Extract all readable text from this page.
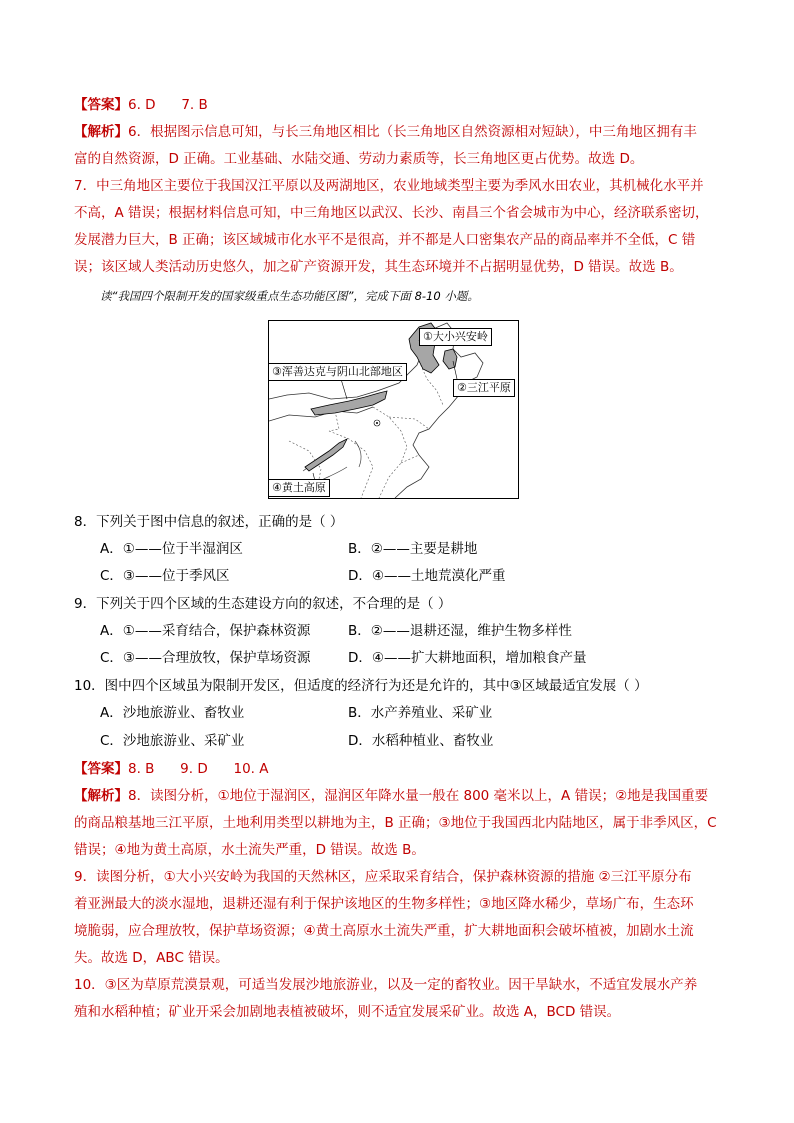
【答案】6. D      7. B
【解析】6．根据图示信息可知，与长三角地区相比（长三角地区自然资源相对短缺），中三角地区拥有丰
富的自然资源，D 正确。工业基础、水陆交通、劳动力素质等，长三角地区更占优势。故选 D。
7．中三角地区主要位于我国汉江平原以及两湖地区，农业地域类型主要为季风水田农业，其机械化水平并
不高，A 错误；根据材料信息可知，中三角地区以武汉、长沙、南昌三个省会城市为中心，经济联系密切，
发展潜力巨大，B 正确；该区域城市化水平不是很高，并不都是人口密集农产品的商品率并不全低，C 错
误；该区域人类活动历史悠久，加之矿产资源开发，其生态环境并不占据明显优势，D 错误。故选 B。
读“我国四个限制开发的国家级重点生态功能区图”，完成下面 8-10 小题。
①大小兴安岭
②三江平原
③浑善达克与阴山北部地区
④黄土高原
8．下列关于图中信息的叙述，正确的是（ ）
A．①——位于半湿润区	B．②——主要是耕地
C．③——位于季风区	D．④——土地荒漠化严重
9．下列关于四个区域的生态建设方向的叙述，不合理的是（ ）
A．①——采育结合，保护森林资源	B．②——退耕还湿，维护生物多样性
C．③——合理放牧，保护草场资源	D．④——扩大耕地面积，增加粮食产量
10．图中四个区域虽为限制开发区，但适度的经济行为还是允许的，其中③区域最适宜发展（ ）
A．沙地旅游业、畜牧业	B．水产养殖业、采矿业
C．沙地旅游业、采矿业	D．水稻种植业、畜牧业
【答案】8. B      9. D      10. A
【解析】8．读图分析，①地位于湿润区，湿润区年降水量一般在 800 毫米以上，A 错误；②地是我国重要
的商品粮基地三江平原，土地利用类型以耕地为主，B 正确；③地位于我国西北内陆地区，属于非季风区，C
错误；④地为黄土高原，水土流失严重，D 错误。故选 B。
9．读图分析，①大小兴安岭为我国的天然林区，应采取采育结合，保护森林资源的措施 ②三江平原分布
着亚洲最大的淡水湿地，退耕还湿有利于保护该地区的生物多样性；③地区降水稀少，草场广布，生态环
境脆弱，应合理放牧，保护草场资源；④黄土高原水土流失严重，扩大耕地面积会破坏植被，加剧水土流
失。故选 D，ABC 错误。
10．③区为草原荒漠景观，可适当发展沙地旅游业，以及一定的畜牧业。因干旱缺水，不适宜发展水产养
殖和水稻种植；矿业开采会加剧地表植被破坏，则不适宜发展采矿业。故选 A，BCD 错误。
